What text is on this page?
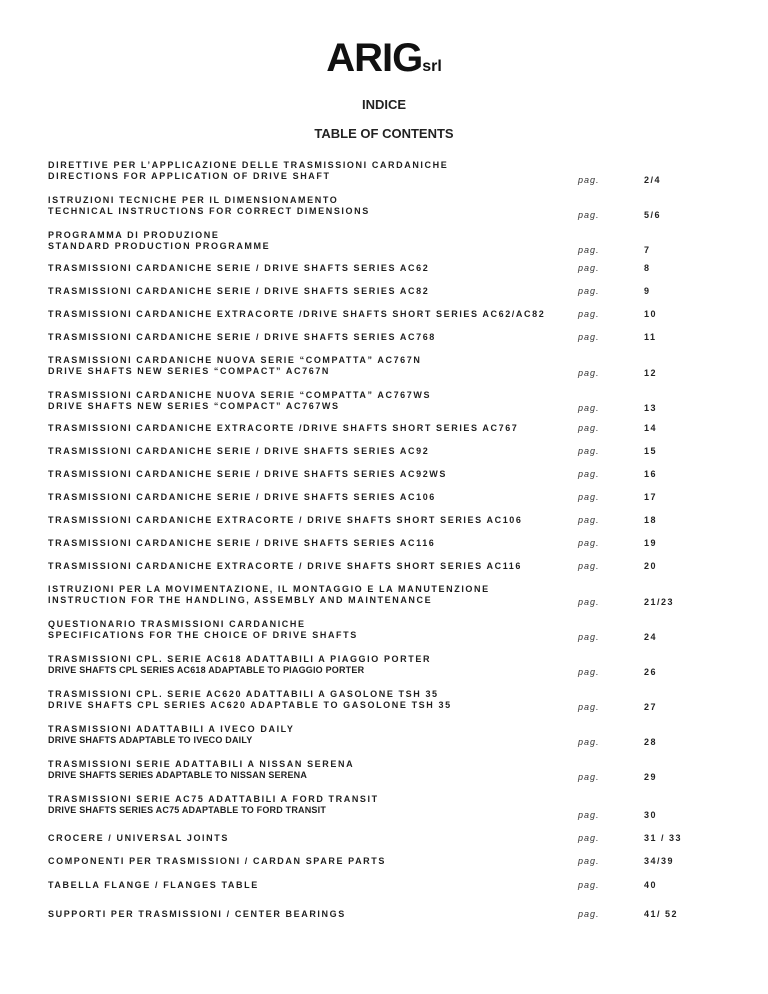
ARIGsrl
INDICE
TABLE OF CONTENTS
DIRETTIVE PER L’APPLICAZIONE DELLE TRASMISSIONI CARDANICHE
DIRECTIONS FOR APPLICATION OF DRIVE SHAFT	pag.	2/4
ISTRUZIONI TECNICHE PER IL DIMENSIONAMENTO
TECHNICAL INSTRUCTIONS FOR CORRECT DIMENSIONS	pag.	5/6
PROGRAMMA DI PRODUZIONE
STANDARD PRODUCTION PROGRAMME	pag.	7
TRASMISSIONI CARDANICHE SERIE / DRIVE SHAFTS SERIES AC62	pag.	8
TRASMISSIONI CARDANICHE SERIE / DRIVE SHAFTS SERIES AC82	pag.	9
TRASMISSIONI CARDANICHE EXTRACORTE /DRIVE SHAFTS SHORT SERIES AC62/AC82	pag.	10
TRASMISSIONI CARDANICHE SERIE / DRIVE SHAFTS SERIES AC768	pag.	11
TRASMISSIONI CARDANICHE NUOVA SERIE “COMPATTA” AC767N
DRIVE SHAFTS NEW SERIES “COMPACT” AC767N	pag.	12
TRASMISSIONI CARDANICHE NUOVA SERIE “COMPATTA” AC767WS
DRIVE SHAFTS NEW SERIES “COMPACT” AC767WS	pag.	13
TRASMISSIONI CARDANICHE EXTRACORTE /DRIVE SHAFTS SHORT SERIES AC767	pag.	14
TRASMISSIONI CARDANICHE SERIE / DRIVE SHAFTS SERIES AC92	pag.	15
TRASMISSIONI CARDANICHE SERIE / DRIVE SHAFTS SERIES AC92WS	pag.	16
TRASMISSIONI CARDANICHE SERIE / DRIVE SHAFTS SERIES AC106	pag.	17
TRASMISSIONI CARDANICHE EXTRACORTE / DRIVE SHAFTS SHORT SERIES AC106	pag.	18
TRASMISSIONI CARDANICHE SERIE / DRIVE SHAFTS SERIES AC116	pag.	19
TRASMISSIONI CARDANICHE EXTRACORTE / DRIVE SHAFTS SHORT SERIES AC116	pag.	20
ISTRUZIONI PER LA MOVIMENTAZIONE, IL MONTAGGIO E LA MANUTENZIONE
INSTRUCTION FOR THE HANDLING, ASSEMBLY AND MAINTENANCE	pag.	21/23
QUESTIONARIO TRASMISSIONI CARDANICHE
SPECIFICATIONS FOR THE CHOICE OF DRIVE SHAFTS	pag.	24
TRASMISSIONI CPL. SERIE AC618 ADATTABILI A PIAGGIO PORTER
DRIVE SHAFTS CPL SERIES AC618 ADAPTABLE TO PIAGGIO PORTER	pag.	26
TRASMISSIONI CPL. SERIE AC620 ADATTABILI A GASOLONE TSH 35
DRIVE SHAFTS CPL SERIES AC620 ADAPTABLE TO GASOLONE TSH 35	pag.	27
TRASMISSIONI ADATTABILI A IVECO DAILY
DRIVE SHAFTS ADAPTABLE TO IVECO DAILY	pag.	28
TRASMISSIONI SERIE ADATTABILI A NISSAN SERENA
DRIVE SHAFTS SERIES ADAPTABLE TO NISSAN SERENA	pag.	29
TRASMISSIONI SERIE AC75 ADATTABILI A FORD TRANSIT
DRIVE SHAFTS SERIES AC75 ADAPTABLE TO FORD TRANSIT	pag.	30
CROCERE / UNIVERSAL JOINTS	pag.	31 / 33
COMPONENTI PER TRASMISSIONI / CARDAN SPARE PARTS	pag.	34/39
TABELLA FLANGE / FLANGES TABLE	pag.	40
SUPPORTI PER TRASMISSIONI / CENTER BEARINGS	pag.	41/ 52
